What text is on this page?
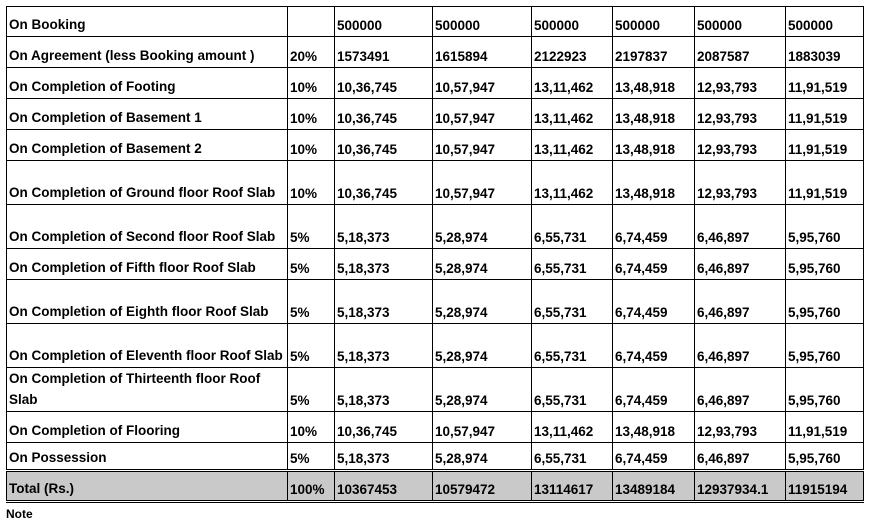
On Booking		500000	500000	500000	500000	500000	500000
On Agreement (less Booking amount )	20%	1573491	1615894	2122923	2197837	2087587	1883039
On Completion of Footing	10%	10,36,745	10,57,947	13,11,462	13,48,918	12,93,793	11,91,519
On Completion of Basement 1	10%	10,36,745	10,57,947	13,11,462	13,48,918	12,93,793	11,91,519
On Completion of Basement 2	10%	10,36,745	10,57,947	13,11,462	13,48,918	12,93,793	11,91,519
On Completion of Ground floor Roof Slab	10%	10,36,745	10,57,947	13,11,462	13,48,918	12,93,793	11,91,519
On Completion of Second floor Roof Slab	5%	5,18,373	5,28,974	6,55,731	6,74,459	6,46,897	5,95,760
On Completion of Fifth floor Roof Slab	5%	5,18,373	5,28,974	6,55,731	6,74,459	6,46,897	5,95,760
On Completion of Eighth floor Roof Slab	5%	5,18,373	5,28,974	6,55,731	6,74,459	6,46,897	5,95,760
On Completion of Eleventh floor Roof Slab	5%	5,18,373	5,28,974	6,55,731	6,74,459	6,46,897	5,95,760
On Completion of Thirteenth floor Roof Slab	5%	5,18,373	5,28,974	6,55,731	6,74,459	6,46,897	5,95,760
On Completion of Flooring	10%	10,36,745	10,57,947	13,11,462	13,48,918	12,93,793	11,91,519
On Possession	5%	5,18,373	5,28,974	6,55,731	6,74,459	6,46,897	5,95,760
Total (Rs.)	100%	10367453	10579472	13114617	13489184	12937934.1	11915194
Note
